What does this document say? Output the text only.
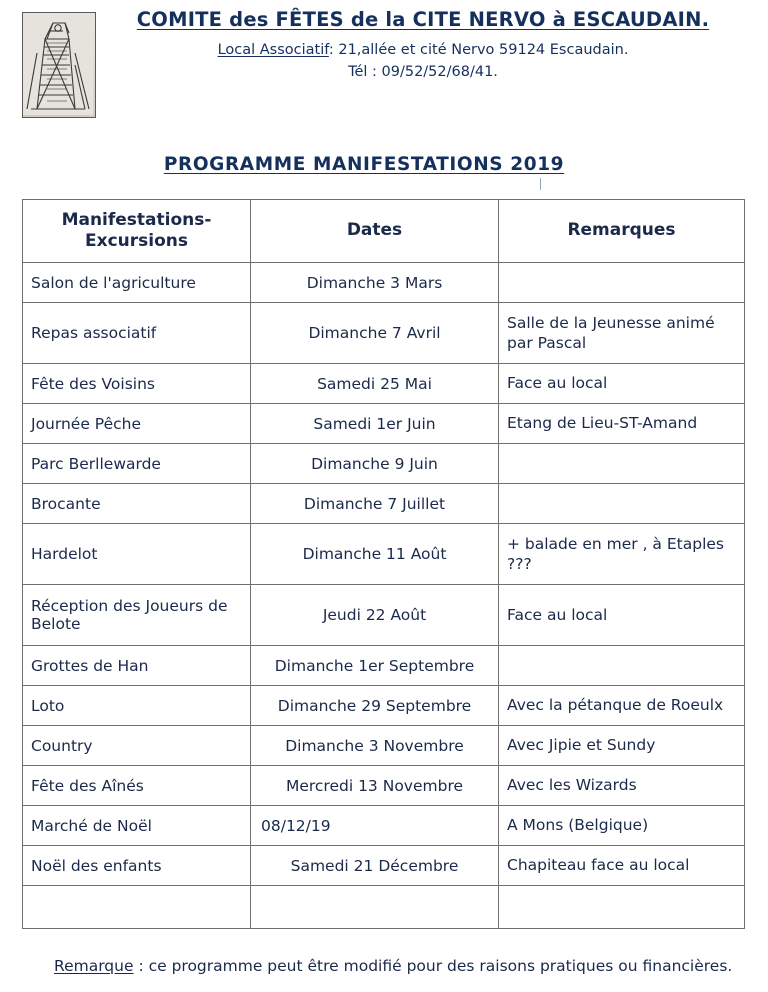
COMITE des FÊTES de la CITE NERVO à ESCAUDAIN.
Local Associatif: 21,allée et cité Nervo 59124 Escaudain.
Tél : 09/52/52/68/41.
PROGRAMME MANIFESTATIONS 2019
Manifestations-
Excursions	Dates	Remarques
Salon de l'agriculture	Dimanche 3 Mars	
Repas associatif	Dimanche 7 Avril	Salle de la Jeunesse animé par Pascal
Fête des Voisins	Samedi 25 Mai	Face au local
Journée Pêche	Samedi 1er Juin	Etang de Lieu-ST-Amand
Parc Berllewarde	Dimanche 9 Juin	
Brocante	Dimanche 7 Juillet	
Hardelot	Dimanche 11 Août	+ balade en mer , à Etaples ???
Réception des Joueurs de Belote	Jeudi 22 Août	Face au local
Grottes de Han	Dimanche 1er Septembre	
Loto	Dimanche 29 Septembre	Avec la pétanque de Roeulx
Country	Dimanche 3 Novembre	Avec Jipie et Sundy
Fête des Aînés	Mercredi 13 Novembre	Avec les Wizards
Marché de Noël	08/12/19	A Mons (Belgique)
Noël des enfants	Samedi 21 Décembre	Chapiteau face au local

Remarque : ce programme peut être modifié pour des raisons pratiques ou financières.
